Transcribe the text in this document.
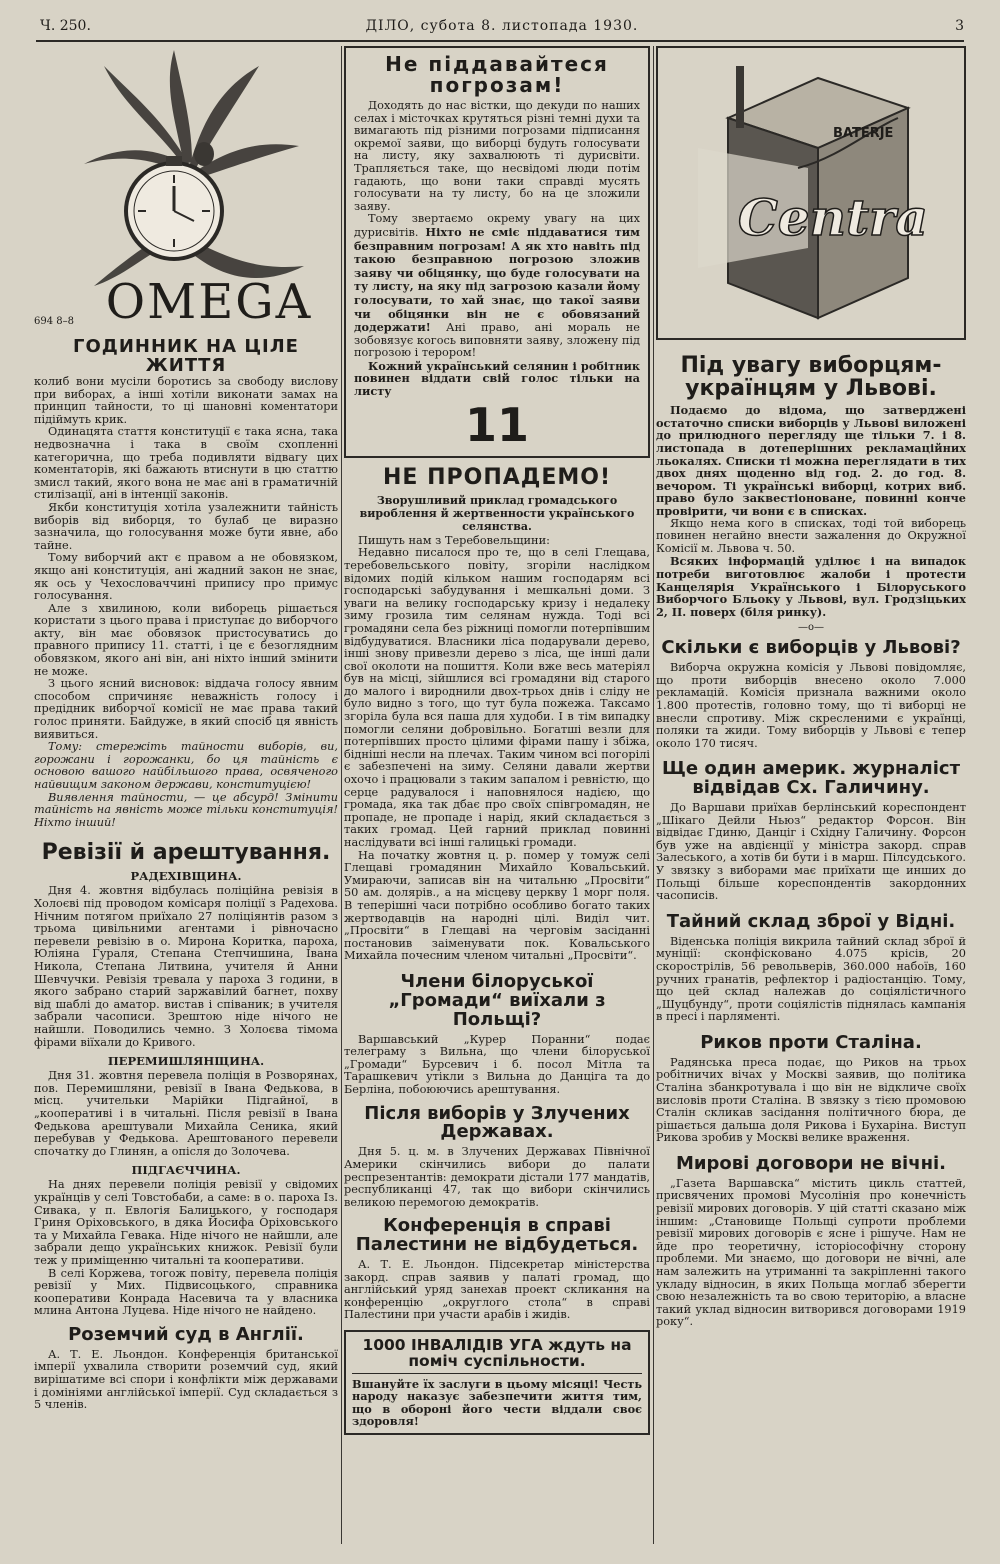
Ч. 250.	ДІЛО, субота 8. листопада 1930.	3
OMEGA
694 8–8
ГОДИННИК НА ЦІЛЕ ЖИТТЯ

колиб вони мусіли боротись за свободу вислову при виборах, а інші хотіли виконати замах на принцип тайности, то ці шановні коментатори підіймуть крик.

Одинацята стаття конституції є така ясна, така недвозначна і така в своїм схопленні категорична, що треба подивляти відвагу цих коментаторів, які бажають втиснути в цю статтю змисл такий, якого вона не має ані в граматичній стилізації, ані в інтенції законів.

Якби конституція хотіла узалежнити тайність виборів від виборця, то булаб це виразно зазначила, що голосування може бути явне, або тайне.

Тому виборчий акт є правом а не обовязком, якщо ані конституція, ані жадний закон не знає, як ось у Чехословаччині припису про примус голосування.

Але з хвилиною, коли виборець рішається користати з цього права і приступає до виборчого акту, він має обовязок пристосуватись до правного припису 11. статті, і це є безоглядним обовязком, якого ані він, ані ніхто інший змінити не може.

З цього ясний висновок: віддача голосу явним способом спричиняє неважність голосу і предідник виборчої комісії не має права такий голос приняти. Байдуже, в який спосіб ця явність виявиться.

Тому: стережіть тайности виборів, ви, горожани і горожанки, бо ця тайність є основою вашого найбільшого права, освяченого найвищим законом держави, конституцією!

Виявлення тайности, — це абсурд! Змінити тайність на явність може тільки конституція! Ніхто інший!

Ревізії й арештування.
РАДЕХІВЩИНА.

Дня 4. жовтня відбулась поліційна ревізія в Холоєві під проводом комісаря поліції з Радехова. Нічним потягом приїхало 27 поліціянтів разом з трьома цивільними агентами і рівночасно перевели ревізію в о. Мирона Коритка, пароха, Юліяна Гураля, Степана Степчишина, Івана Никола, Степана Литвина, учителя й Анни Шевчучки. Ревізія тревала у пароха 3 години, в якого забрано старий заржавілий багнет, похву від шаблі до аматор. вистав і співаник; в учителя забрали часописи. Зрештою ніде нічого не найшли. Поводились чемно. З Холоєва тімома фірами віїхали до Кривого.

ПЕРЕМИШЛЯНЩИНА.

Дня 31. жовтня перевела поліція в Розворянах, пов. Перемишляни, ревізії в Івана Федькова, в місц. учительки Марійки Підгайної, в „кооперативі і в читальні. Після ревізії в Івана Федькова арештували Михайла Сеника, який перебував у Федькова. Арештованого перевели спочатку до Глинян, а опісля до Золочева.

ПІДГАЄЧЧИНА.

На днях перевели поліція ревізії у свідомих українців у селі Товстобаби, а саме: в о. пароха Із. Сивака, у п. Евлогія Балицького, у господаря Гриня Оріховського, в дяка Йосифа Оріховського та у Михайла Гевака. Ніде нічого не найшли, але забрали дещо українських книжок. Ревізії були теж у приміщенню читальні та кооперативи.

В селі Коржева, тогож повіту, перевела поліція ревізії у Мих. Підвисоцького, справника кооперативи Конрада Насевича та у власника млина Антона Луцева. Ніде нічого не найдено.

Роземчий суд в Англії.

А. Т. Е. Льондон. Конференція британської імперії ухвалила створити роземчий суд, який вирішатиме всі спори і конфлікти між державами і домініями англійської імперії. Суд складається з 5 членів.

Не піддавайтеся погрозам!

Доходять до нас вістки, що декуди по наших селах і місточках крутяться різні темні духи та вимагають під різними погрозами підписання окремої заяви, що виборці будуть голосувати на листу, яку захвалюють ті дурисвіти. Трапляється таке, що несвідомі люди потім гадають, що вони таки справді мусять голосувати на ту листу, бо на це зложили заяву.

Тому звертаємо окрему увагу на цих дурисвітів. Ніхто не сміє піддаватися тим безправним погрозам! А як хто навіть під такою безправною погрозою зложив заяву чи обіцянку, що буде голосувати на ту листу, на яку під загрозою казали йому голосувати, то хай знає, що такої заяви чи обіцянки він не є обовязаний додержати! Ані право, ані мораль не зобовязує когось виповняти заяву, зложену під погрозою і терором!

Кожний український селянин і робітник повинен віддати свій голос тільки на листу

11
НЕ ПРОПАДЕМО!
Зворушливий приклад громадського вироблення й жертвенности українського селянства.

Пишуть нам з Теребовельщини:

Недавно писалося про те, що в селі Глещава, теребовельського повіту, згоріли наслідком відомих подій кільком нашим господарям всі господарські забудування і мешкальні доми. З уваги на велику господарську кризу і недалеку зиму грозила тим селянам нужда. Тоді всі громадяни села без ріжниці помогли потерпівшим відбудуватися. Власники ліса подарували дерево, інші знову привезли дерево з ліса, ще інші дали свої околоти на пошиття. Коли вже весь матеріял був на місці, зійшлися всі громадяни від старого до малого і вироднили двох-трьох днів і сліду не було видно з того, що тут була пожежа. Таксамо згоріла була вся паша для худоби. І в тім випадку помогли селяни добровільно. Богатші везли для потерпівших просто цілими фірами пашу і збіжа, бідніші несли на плечах. Таким чином всі погорілі є забезпечені на зиму. Селяни давали жертви охочо і працювали з таким запалом і ревністю, що серце радувалося і наповнялося надією, що громада, яка так дбає про своїх співгромадян, не пропаде, не пропаде і нарід, який складається з таких громад. Цей гарний приклад повинні наслідувати всі інші галицькі громади.

На початку жовтня ц. р. помер у томуж селі Глещаві громадянин Михайло Ковальський. Умираючи, записав він на читальню „Просвіти“ 50 ам. долярів., а на місцеву церкву 1 морг поля. В теперішні часи потрібно особливо богато таких жертводавців на народні цілі. Виділ чит. „Просвіти“ в Глещаві на черговім засіданні постановив заіменувати пок. Ковальського Михайла почесним членом читальні „Просвіти“.

Члени білоруської „Громади“ виїхали з Польщі?

Варшавський „Курер Поранни“ подає телеграму з Вильна, що члени білоруської „Громади“ Бурсевич і б. посол Мітла та Тарашкевич утікли з Вильна до Данціга та до Берліна, побоюючись арештування.

Після виборів у Злучених Державах.

Дня 5. ц. м. в Злучених Державах Північної Америки скінчились вибори до палати респрезентантів: демократи дістали 177 мандатів, республиканці 47, так що вибори скінчились великою перемогою демократів.

Конференція в справі Палестини не відбудеться.

А. Т. Е. Льондон. Підсекретар міністерства закорд. справ заявив у палаті громад, що англійський уряд занехав проект скликання на конференцію „округлого стола“ в справі Палестини при участи арабів і жидів.

1000 ІНВАЛІДІВ УГА ждуть на поміч суспільности.

Вшануйте їх заслуги в цьому місяці! Честь народу наказує забезпечити життя тим, що в обороні його чести віддали своє здоровля!

BATERJE
Centra
Під увагу виборцям-українцям у Львові.

Подаємо до відома, що затверджені остаточно списки виборців у Львові виложені до прилюдного перегляду ще тільки 7. і 8. листопада в дотеперішних рекламаційних льокалях. Списки ті можна переглядати в тих двох днях щоденно від год. 2. до год. 8. вечором. Ті українські виборці, котрих виб. право було заквестіоноване, повинні конче провірити, чи вони є в списках.

Якщо нема кого в списках, тоді той виборець повинен негайно внести зажалення до Окружної Комісії м. Львова ч. 50.

Всяких інформацій уділює і на випадок потреби виготовлює жалоби і протести Канцелярія Українського і Білоруського Виборчого Бльоку у Львові, вул. Гродзіцьких 2, II. поверх (біля ринку).

—o—
Скільки є виборців у Львові?

Виборча окружна комісія у Львові повідомляє, що проти виборців внесено около 7.000 рекламацій. Комісія признала важними около 1.800 протестів, головно тому, що ті виборці не внесли спротиву. Між скресленими є українці, поляки та жиди. Тому виборців у Львові є тепер около 170 тисяч.

Ще один америк. журналіст відвідав Сх. Галичину.

До Варшави приїхав берлінський кореспондент „Шікаго Дейли Ньюз“ редактор Форсон. Він відвідає Гдиню, Данціг і Східну Галичину. Форсон був уже на авдієнції у міністра закорд. справ Залеського, а хотів би бути і в марш. Пілсудського. У звязку з виборами має приїхати ще инших до Польщі більше кореспондентів закордонних часописів.

Тайний склад зброї у Відні.

Віденська поліція викрила тайний склад зброї й муніції: сконфісковано 4.075 крісів, 20 скорострілів, 56 револьверів, 360.000 набоїв, 160 ручних гранатів, рефлектор і радіостанцію. Тому, що цей склад належав до соціялістичного „Шуцбунду“, проти соціялістів піднялась кампанія в пресі і парляменті.

Риков проти Сталіна.

Радянська преса подає, що Риков на трьох робітничих вічах у Москві заявив, що політика Сталіна збанкротувала і що він не відкличе своїх висловів проти Сталіна. В звязку з тією промовою Сталін скликав засідання політичного бюра, де рішається дальша доля Рикова і Бухаріна. Виступ Рикова зробив у Москві велике враження.

Мирові договори не вічні.

„Газета Варшавска“ містить цикль статтей, присвячених промові Мусолінія про конечність ревізії мирових договорів. У цій статті сказано між іншим: „Становище Польщі супроти проблеми ревізії мирових договорів є ясне і рішуче. Нам не йде про теоретичну, історіософічну сторону проблеми. Ми знаємо, що договори не вічні, але нам залежить на утриманні та закріпленні такого укладу відносин, в яких Польща моглаб зберегти свою незалежність та во свою територію, а власне такий уклад відносин витворився договорами 1919 року“.
